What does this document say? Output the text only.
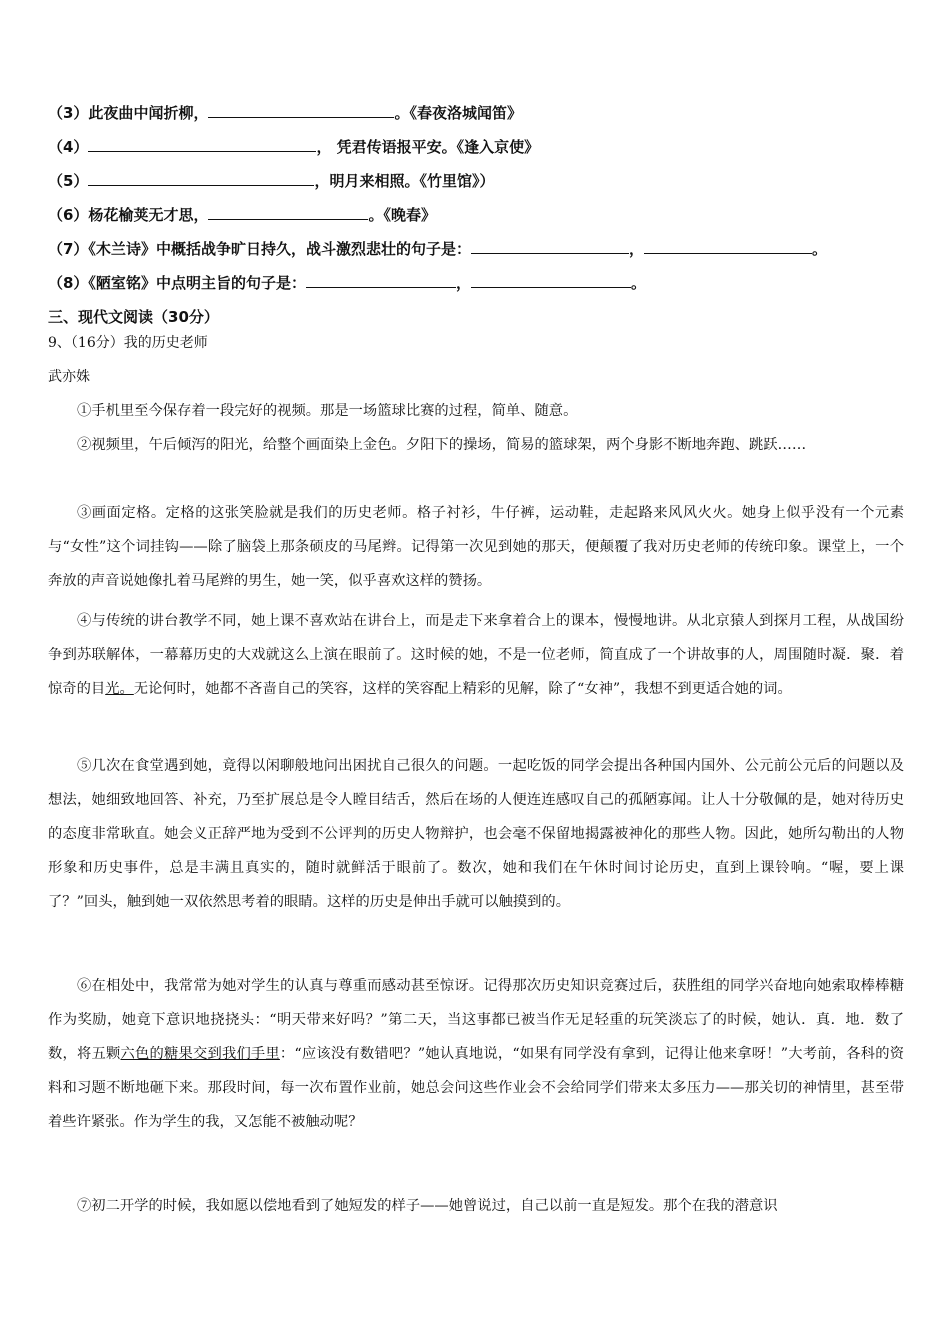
（3）此夜曲中闻折柳，	。《春夜洛城闻笛》
（4）	， 凭君传语报平安。《逢入京使》
（5）	，明月来相照。《竹里馆》）
（6）杨花榆荚无才思，	。《晚春》
（7）《木兰诗》中概括战争旷日持久，战斗激烈悲壮的句子是：	，	。
（8）《陋室铭》中点明主旨的句子是：	，	。
三、现代文阅读（30分）
9、（16分）我的历史老师
武亦姝
①手机里至今保存着一段完好的视频。那是一场篮球比赛的过程，简单、随意。
②视频里，午后倾泻的阳光，给整个画面染上金色。夕阳下的操场，简易的篮球架，两个身影不断地奔跑、跳跃……
③画面定格。定格的这张笑脸就是我们的历史老师。格子衬衫，牛仔裤，运动鞋，走起路来风风火火。她身上似乎没有一个元素与“女性”这个词挂钩——除了脑袋上那条硕皮的马尾辫。记得第一次见到她的那天，便颠覆了我对历史老师的传统印象。课堂上，一个奔放的声音说她像扎着马尾辫的男生，她一笑，似乎喜欢这样的赞扬。
④与传统的讲台教学不同，她上课不喜欢站在讲台上，而是走下来拿着合上的课本，慢慢地讲。从北京猿人到探月工程，从战国纷争到苏联解体，一幕幕历史的大戏就这么上演在眼前了。这时候的她，不是一位老师，简直成了一个讲故事的人，周围随时凝．聚．着惊奇的目光。无论何时，她都不吝啬自己的笑容，这样的笑容配上精彩的见解，除了“女神”，我想不到更适合她的词。
⑤几次在食堂遇到她，竟得以闲聊般地问出困扰自己很久的问题。一起吃饭的同学会提出各种国内国外、公元前公元后的问题以及想法，她细致地回答、补充，乃至扩展总是令人瞠目结舌，然后在场的人便连连感叹自己的孤陋寡闻。让人十分敬佩的是，她对待历史的态度非常耿直。她会义正辞严地为受到不公评判的历史人物辩护，也会毫不保留地揭露被神化的那些人物。因此，她所勾勒出的人物形象和历史事件，总是丰满且真实的，随时就鲜活于眼前了。数次，她和我们在午休时间讨论历史，直到上课铃响。“喔，要上课了？”回头，触到她一双依然思考着的眼睛。这样的历史是伸出手就可以触摸到的。
⑥在相处中，我常常为她对学生的认真与尊重而感动甚至惊讶。记得那次历史知识竞赛过后，获胜组的同学兴奋地向她索取棒棒糖作为奖励，她竟下意识地挠挠头：“明天带来好吗？”第二天，当这事都已被当作无足轻重的玩笑淡忘了的时候，她认．真．地．数了数，将五颗六色的糖果交到我们手里：“应该没有数错吧？”她认真地说，“如果有同学没有拿到，记得让他来拿呀！”大考前，各科的资料和习题不断地砸下来。那段时间，每一次布置作业前，她总会问这些作业会不会给同学们带来太多压力——那关切的神情里，甚至带着些许紧张。作为学生的我，又怎能不被触动呢？
⑦初二开学的时候，我如愿以偿地看到了她短发的样子——她曾说过，自己以前一直是短发。那个在我的潜意识
